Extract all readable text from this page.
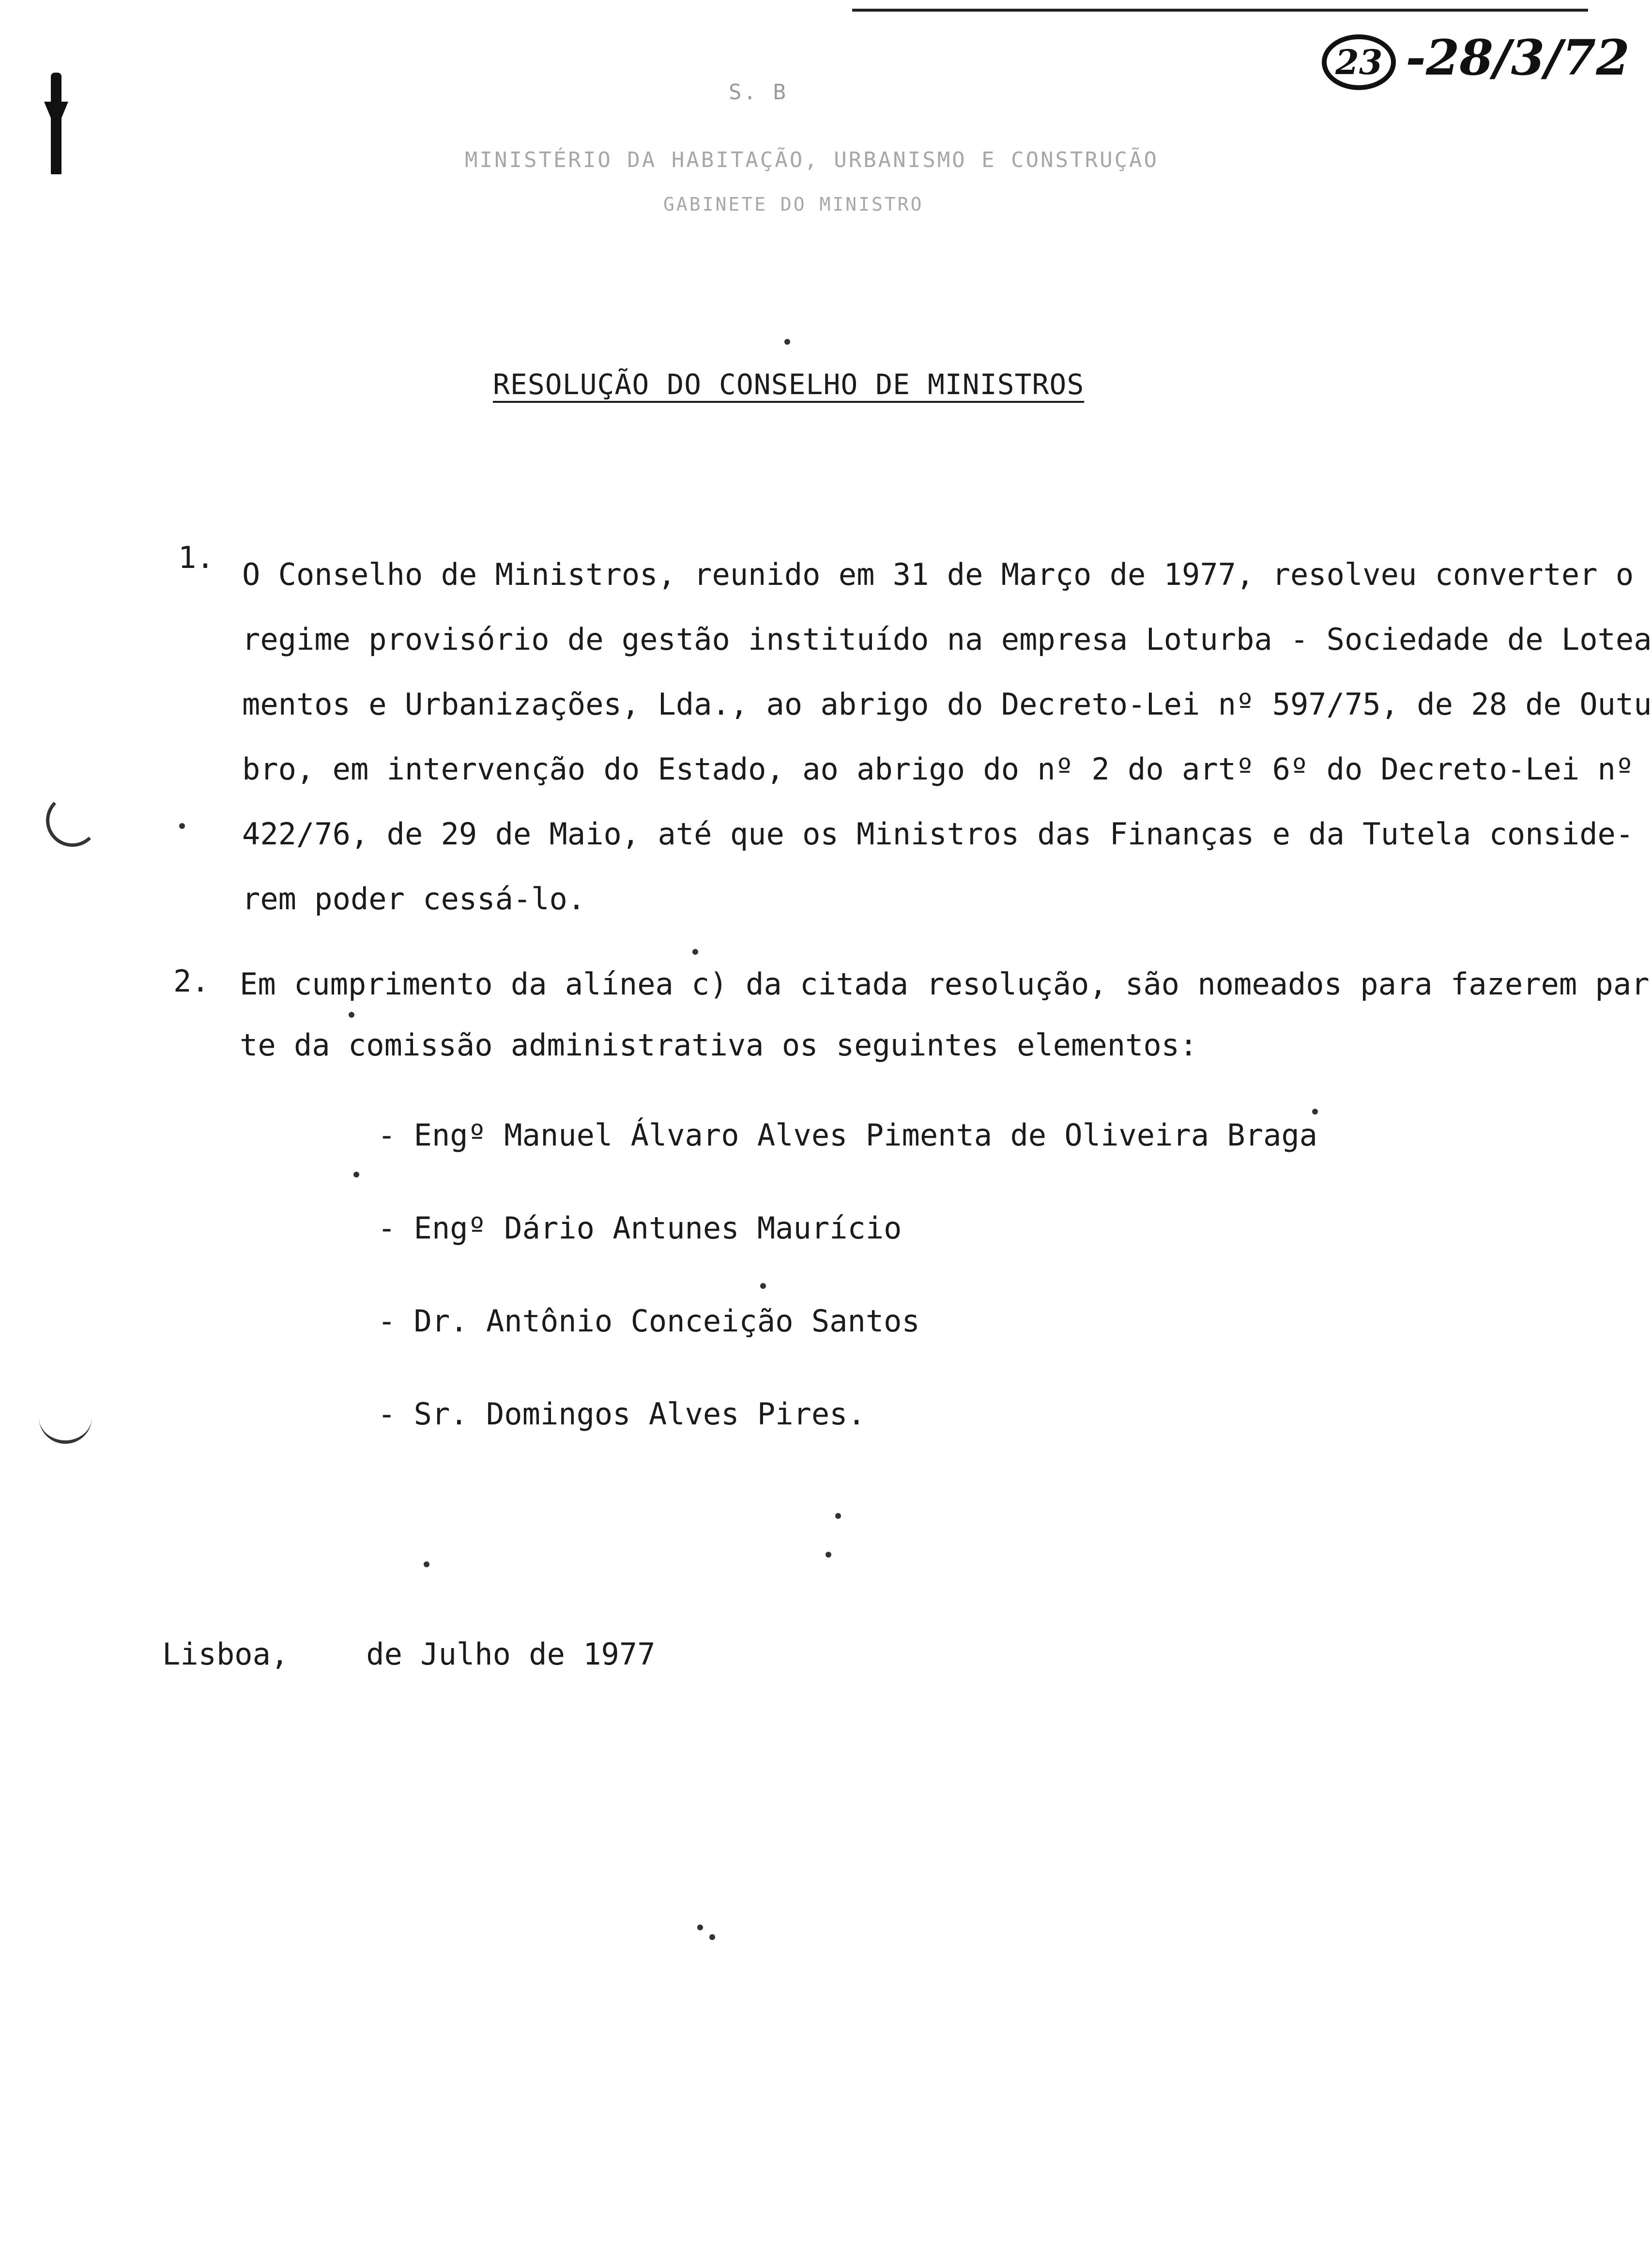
23 -28/3/72
S. B
MINISTÉRIO DA HABITAÇÃO, URBANISMO E CONSTRUÇÃO
GABINETE DO MINISTRO
RESOLUÇÃO DO CONSELHO DE MINISTROS
1. O Conselho de Ministros, reunido em 31 de Março de 1977, resolveu converter o
regime provisório de gestão instituído na empresa Loturba - Sociedade de Lotea
mentos e Urbanizações, Lda., ao abrigo do Decreto-Lei nº 597/75, de 28 de Outu
bro, em intervenção do Estado, ao abrigo do nº 2 do artº 6º do Decreto-Lei nº
422/76, de 29 de Maio, até que os Ministros das Finanças e da Tutela conside-
rem poder cessá-lo.
2. Em cumprimento da alínea c) da citada resolução, são nomeados para fazerem par
te da comissão administrativa os seguintes elementos:
- Engº Manuel Álvaro Alves Pimenta de Oliveira Braga
- Engº Dário Antunes Maurício
- Dr. Antônio Conceição Santos
- Sr. Domingos Alves Pires.
Lisboa,	de Julho de 1977
